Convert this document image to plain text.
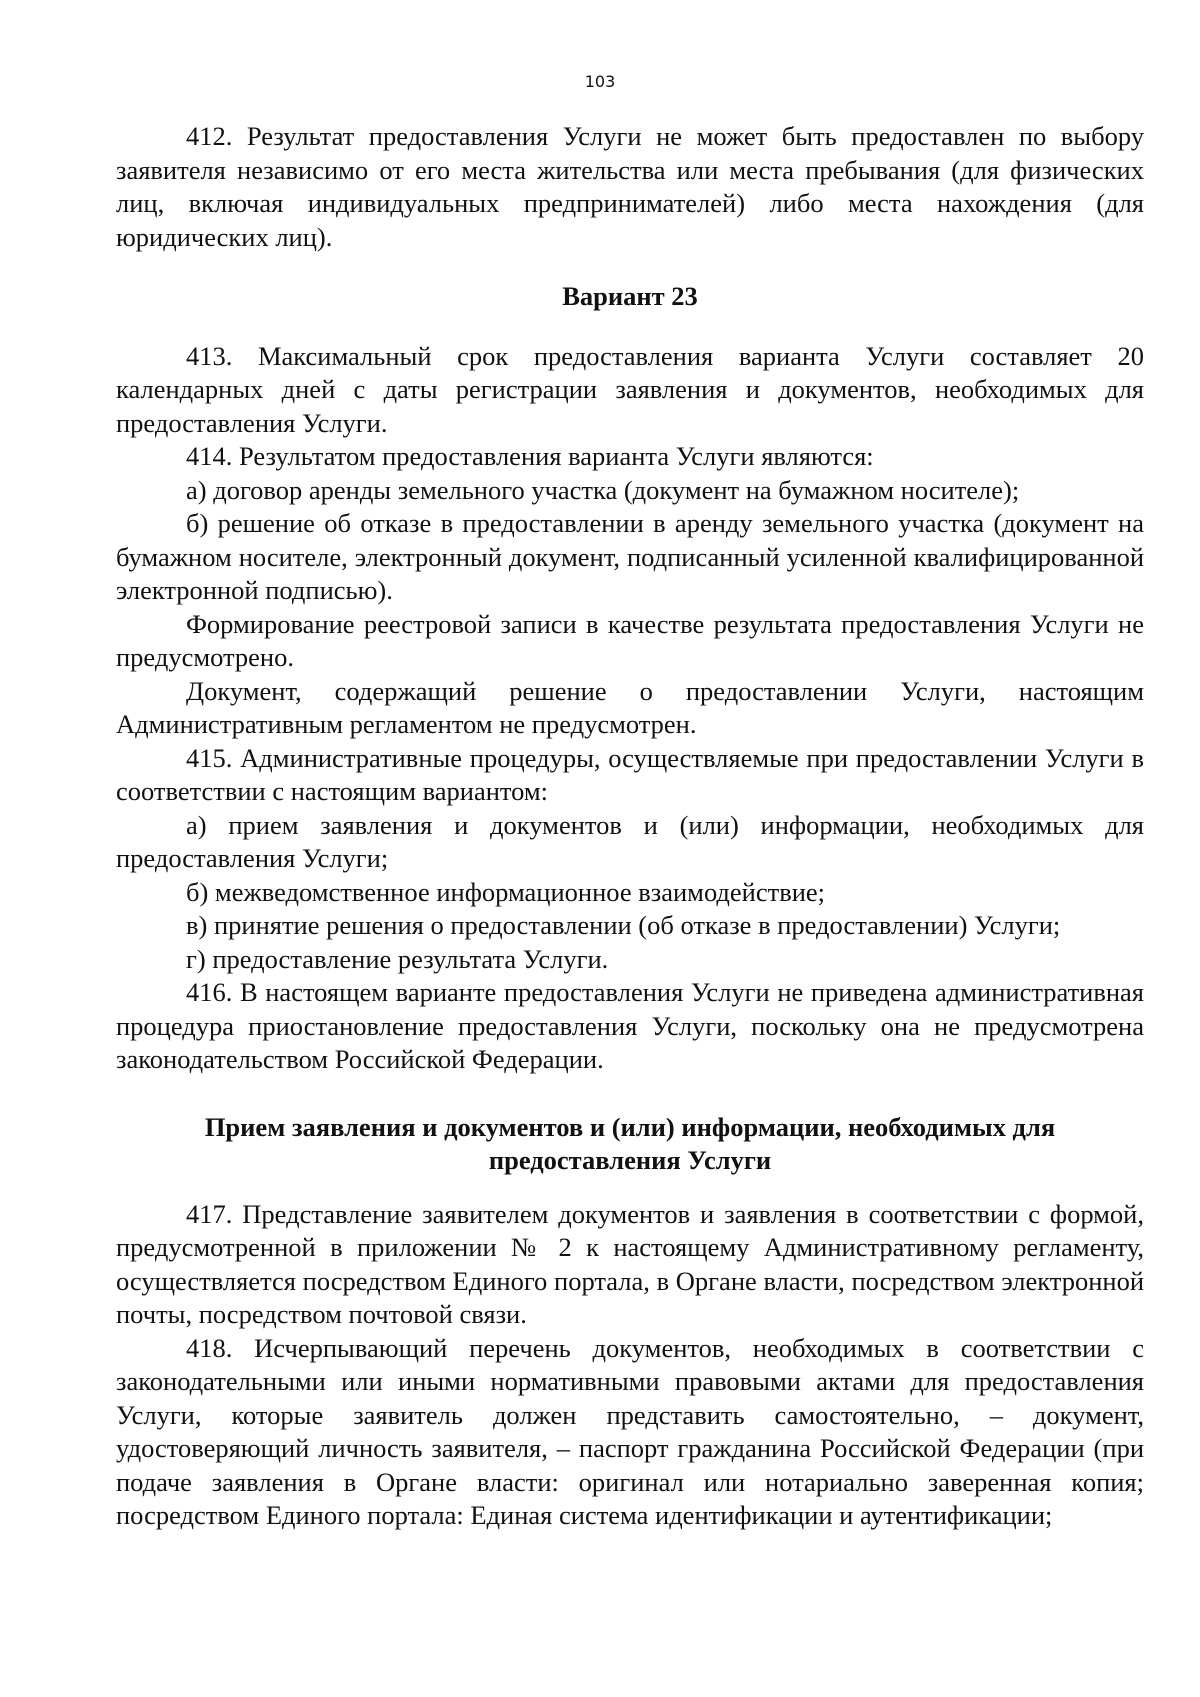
103

412. Результат предоставления Услуги не может быть предоставлен по выбору заявителя независимо от его места жительства или места пребывания (для физических лиц, включая индивидуальных предпринимателей) либо места нахождения (для юридических лиц).

Вариант 23

413. Максимальный срок предоставления варианта Услуги составляет 20 календарных дней с даты регистрации заявления и документов, необходимых для предоставления Услуги.

414. Результатом предоставления варианта Услуги являются:

а) договор аренды земельного участка (документ на бумажном носителе);

б) решение об отказе в предоставлении в аренду земельного участка (документ на бумажном носителе, электронный документ, подписанный усиленной квалифицированной электронной подписью).

Формирование реестровой записи в качестве результата предоставления Услуги не предусмотрено.

Документ, содержащий решение о предоставлении Услуги, настоящим Административным регламентом не предусмотрен.

415. Административные процедуры, осуществляемые при предоставлении Услуги в соответствии с настоящим вариантом:

а) прием заявления и документов и (или) информации, необходимых для предоставления Услуги;

б) межведомственное информационное взаимодействие;

в) принятие решения о предоставлении (об отказе в предоставлении) Услуги;

г) предоставление результата Услуги.

416. В настоящем варианте предоставления Услуги не приведена административная процедура приостановление предоставления Услуги, поскольку она не предусмотрена законодательством Российской Федерации.

Прием заявления и документов и (или) информации, необходимых для
предоставления Услуги

417. Представление заявителем документов и заявления в соответствии с формой, предусмотренной в приложении № 2 к настоящему Административному регламенту, осуществляется посредством Единого портала, в Органе власти, посредством электронной почты, посредством почтовой связи.

418. Исчерпывающий перечень документов, необходимых в соответствии с законодательными или иными нормативными правовыми актами для предоставления Услуги, которые заявитель должен представить самостоятельно, – документ, удостоверяющий личность заявителя, – паспорт гражданина Российской Федерации (при подаче заявления в Органе власти: оригинал или нотариально заверенная копия; посредством Единого портала: Единая система идентификации и аутентификации;
